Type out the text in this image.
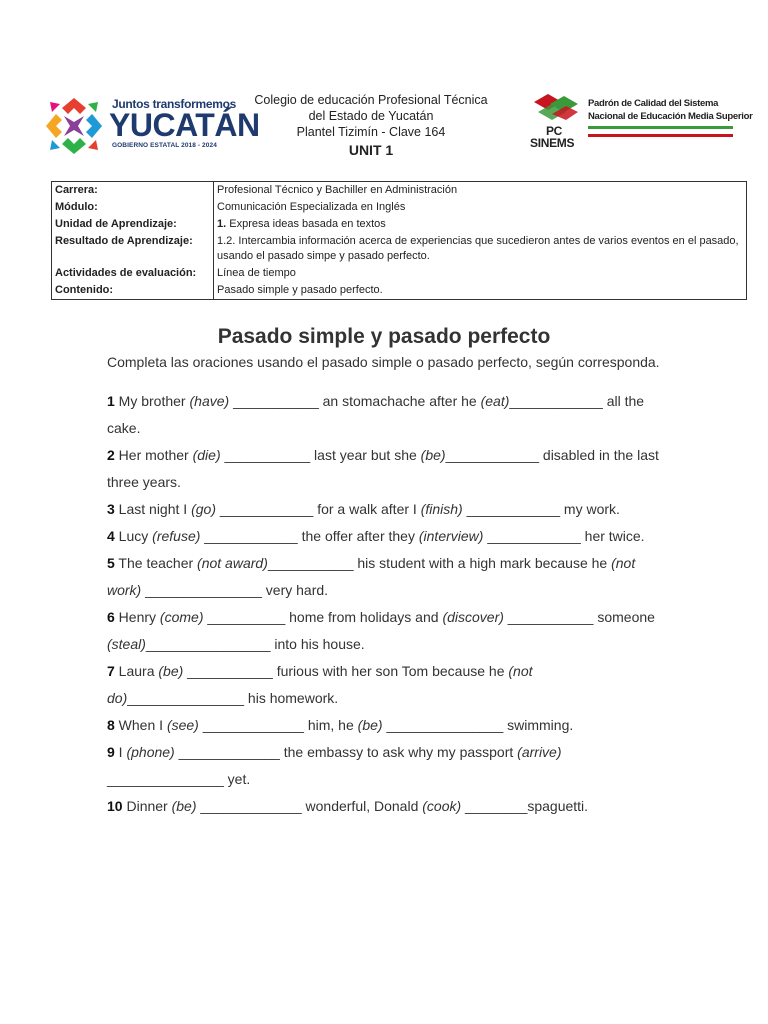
Juntos transformemos
YUCATÁN
GOBIERNO ESTATAL 2018 - 2024
Colegio de educación Profesional Técnica
del Estado de Yucatán
Plantel Tizimín - Clave 164
UNIT 1
PC
SINEMS
Padrón de Calidad del Sistema
Nacional de Educación Media Superior
Carrera:	Profesional Técnico y Bachiller en Administración
Módulo:	Comunicación Especializada en Inglés
Unidad de Aprendizaje:	1. Expresa ideas basada en textos
Resultado de Aprendizaje:	1.2. Intercambia información acerca de experiencias que sucedieron antes de varios eventos en el pasado, usando el pasado simpe y pasado perfecto.
Actividades de evaluación:	Línea de tiempo
Contenido:	Pasado simple y pasado perfecto.
Pasado simple y pasado perfecto
Completa las oraciones usando el pasado simple o pasado perfecto, según corresponda.

1 My brother (have) ___________ an stomachache after he (eat)____________ all the cake.

2 Her mother (die) ___________ last year but she (be)____________ disabled in the last three years.

3 Last night I (go) ____________ for a walk after I (finish) ____________ my work.

4 Lucy (refuse) ____________ the offer after they (interview) ____________ her twice.

5 The teacher (not award)___________ his student with a high mark because he (not work) _______________ very hard.

6 Henry (come) __________ home from holidays and (discover) ___________ someone (steal)________________ into his house.

7 Laura (be) ___________ furious with her son Tom because he (not do)_______________ his homework.

8 When I (see) _____________ him, he (be) _______________ swimming.

9 I (phone) _____________ the embassy to ask why my passport (arrive) _______________ yet.

10 Dinner (be) _____________ wonderful, Donald (cook) ________spaguetti.
